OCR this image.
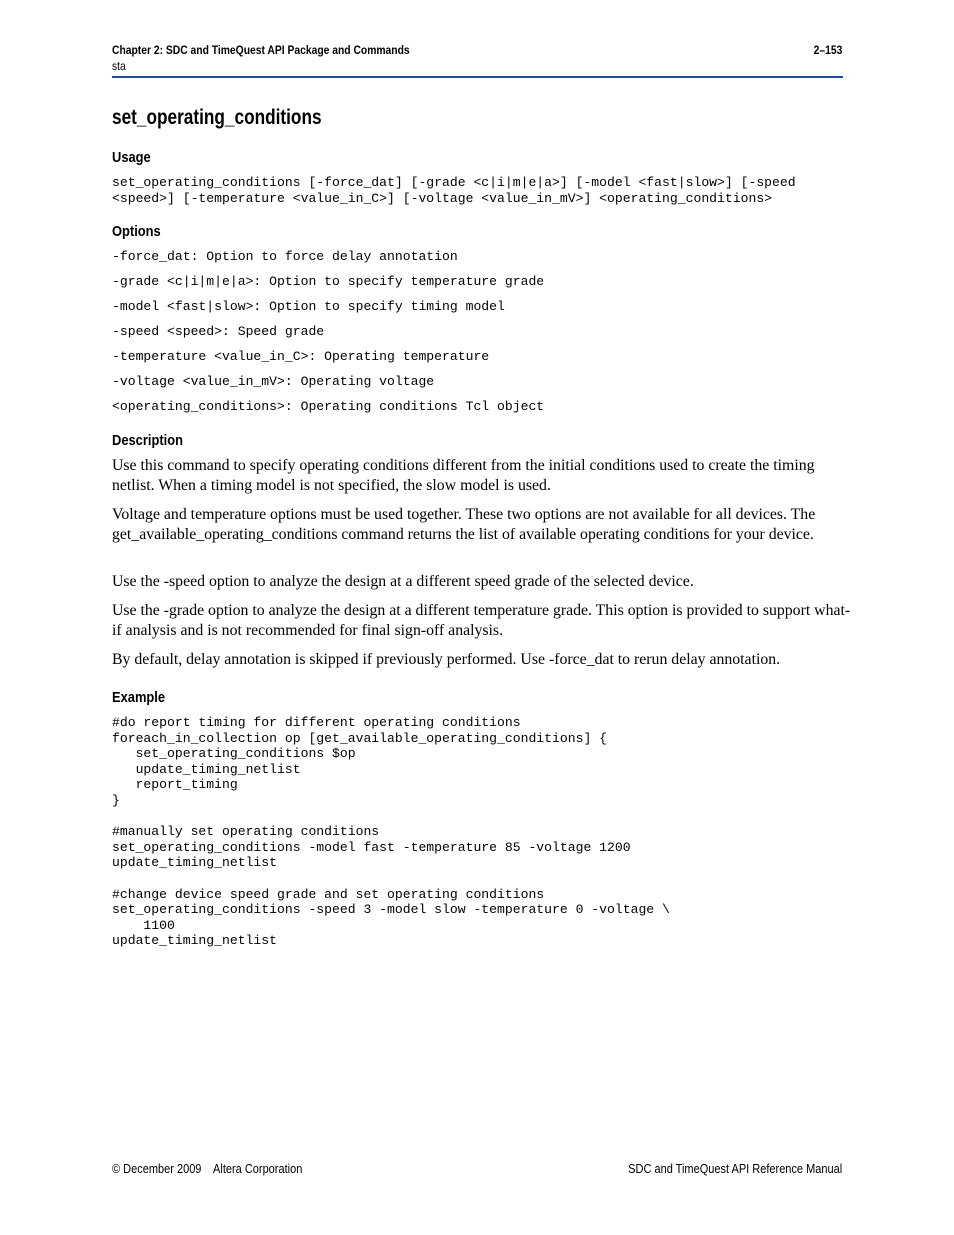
Chapter 2: SDC and TimeQuest API Package and Commands
sta
2–153
set_operating_conditions
Usage
set_operating_conditions [-force_dat] [-grade <c|i|m|e|a>] [-model <fast|slow>] [-speed
<speed>] [-temperature <value_in_C>] [-voltage <value_in_mV>] <operating_conditions>
Options
-force_dat: Option to force delay annotation
-grade <c|i|m|e|a>: Option to specify temperature grade
-model <fast|slow>: Option to specify timing model
-speed <speed>: Speed grade
-temperature <value_in_C>: Operating temperature
-voltage <value_in_mV>: Operating voltage
<operating_conditions>: Operating conditions Tcl object
Description

Use this command to specify operating conditions different from the initial conditions used to create the timing netlist. When a timing model is not specified, the slow model is used.

Voltage and temperature options must be used together. These two options are not available for all devices. The get_available_operating_conditions command returns the list of available operating conditions for your device.

Use the -speed option to analyze the design at a different speed grade of the selected device.

Use the -grade option to analyze the design at a different temperature grade. This option is provided to support what-if analysis and is not recommended for final sign-off analysis.

By default, delay annotation is skipped if previously performed. Use -force_dat to rerun delay annotation.

Example
#do report timing for different operating conditions
foreach_in_collection op [get_available_operating_conditions] {
set_operating_conditions $op
update_timing_netlist
report_timing
}

#manually set operating conditions
set_operating_conditions -model fast -temperature 85 -voltage 1200
update_timing_netlist

#change device speed grade and set operating conditions
set_operating_conditions -speed 3 -model slow -temperature 0 -voltage \
1100
update_timing_netlist
© December 2009    Altera Corporation	SDC and TimeQuest API Reference Manual
